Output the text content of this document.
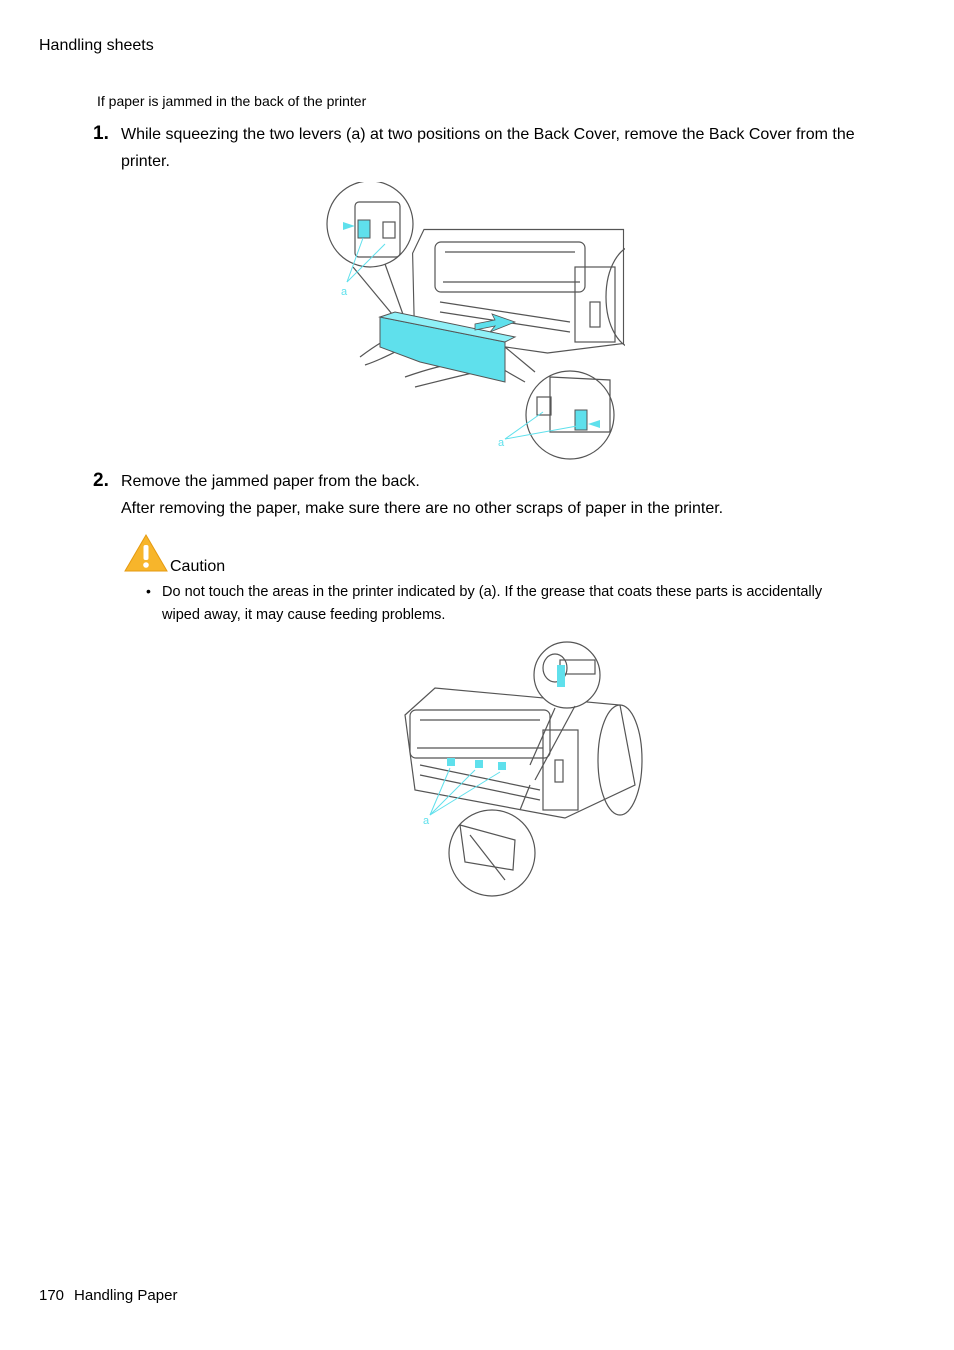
Handling sheets
If paper is jammed in the back of the printer
1. While squeezing the two levers (a) at two positions on the Back Cover, remove the Back Cover from the printer.
a
a
2. Remove the jammed paper from the back.
After removing the paper, make sure there are no other scraps of paper in the printer.
Caution
• Do not touch the areas in the printer indicated by (a). If the grease that coats these parts is accidentally wiped away, it may cause feeding problems.
a
170 Handling Paper
